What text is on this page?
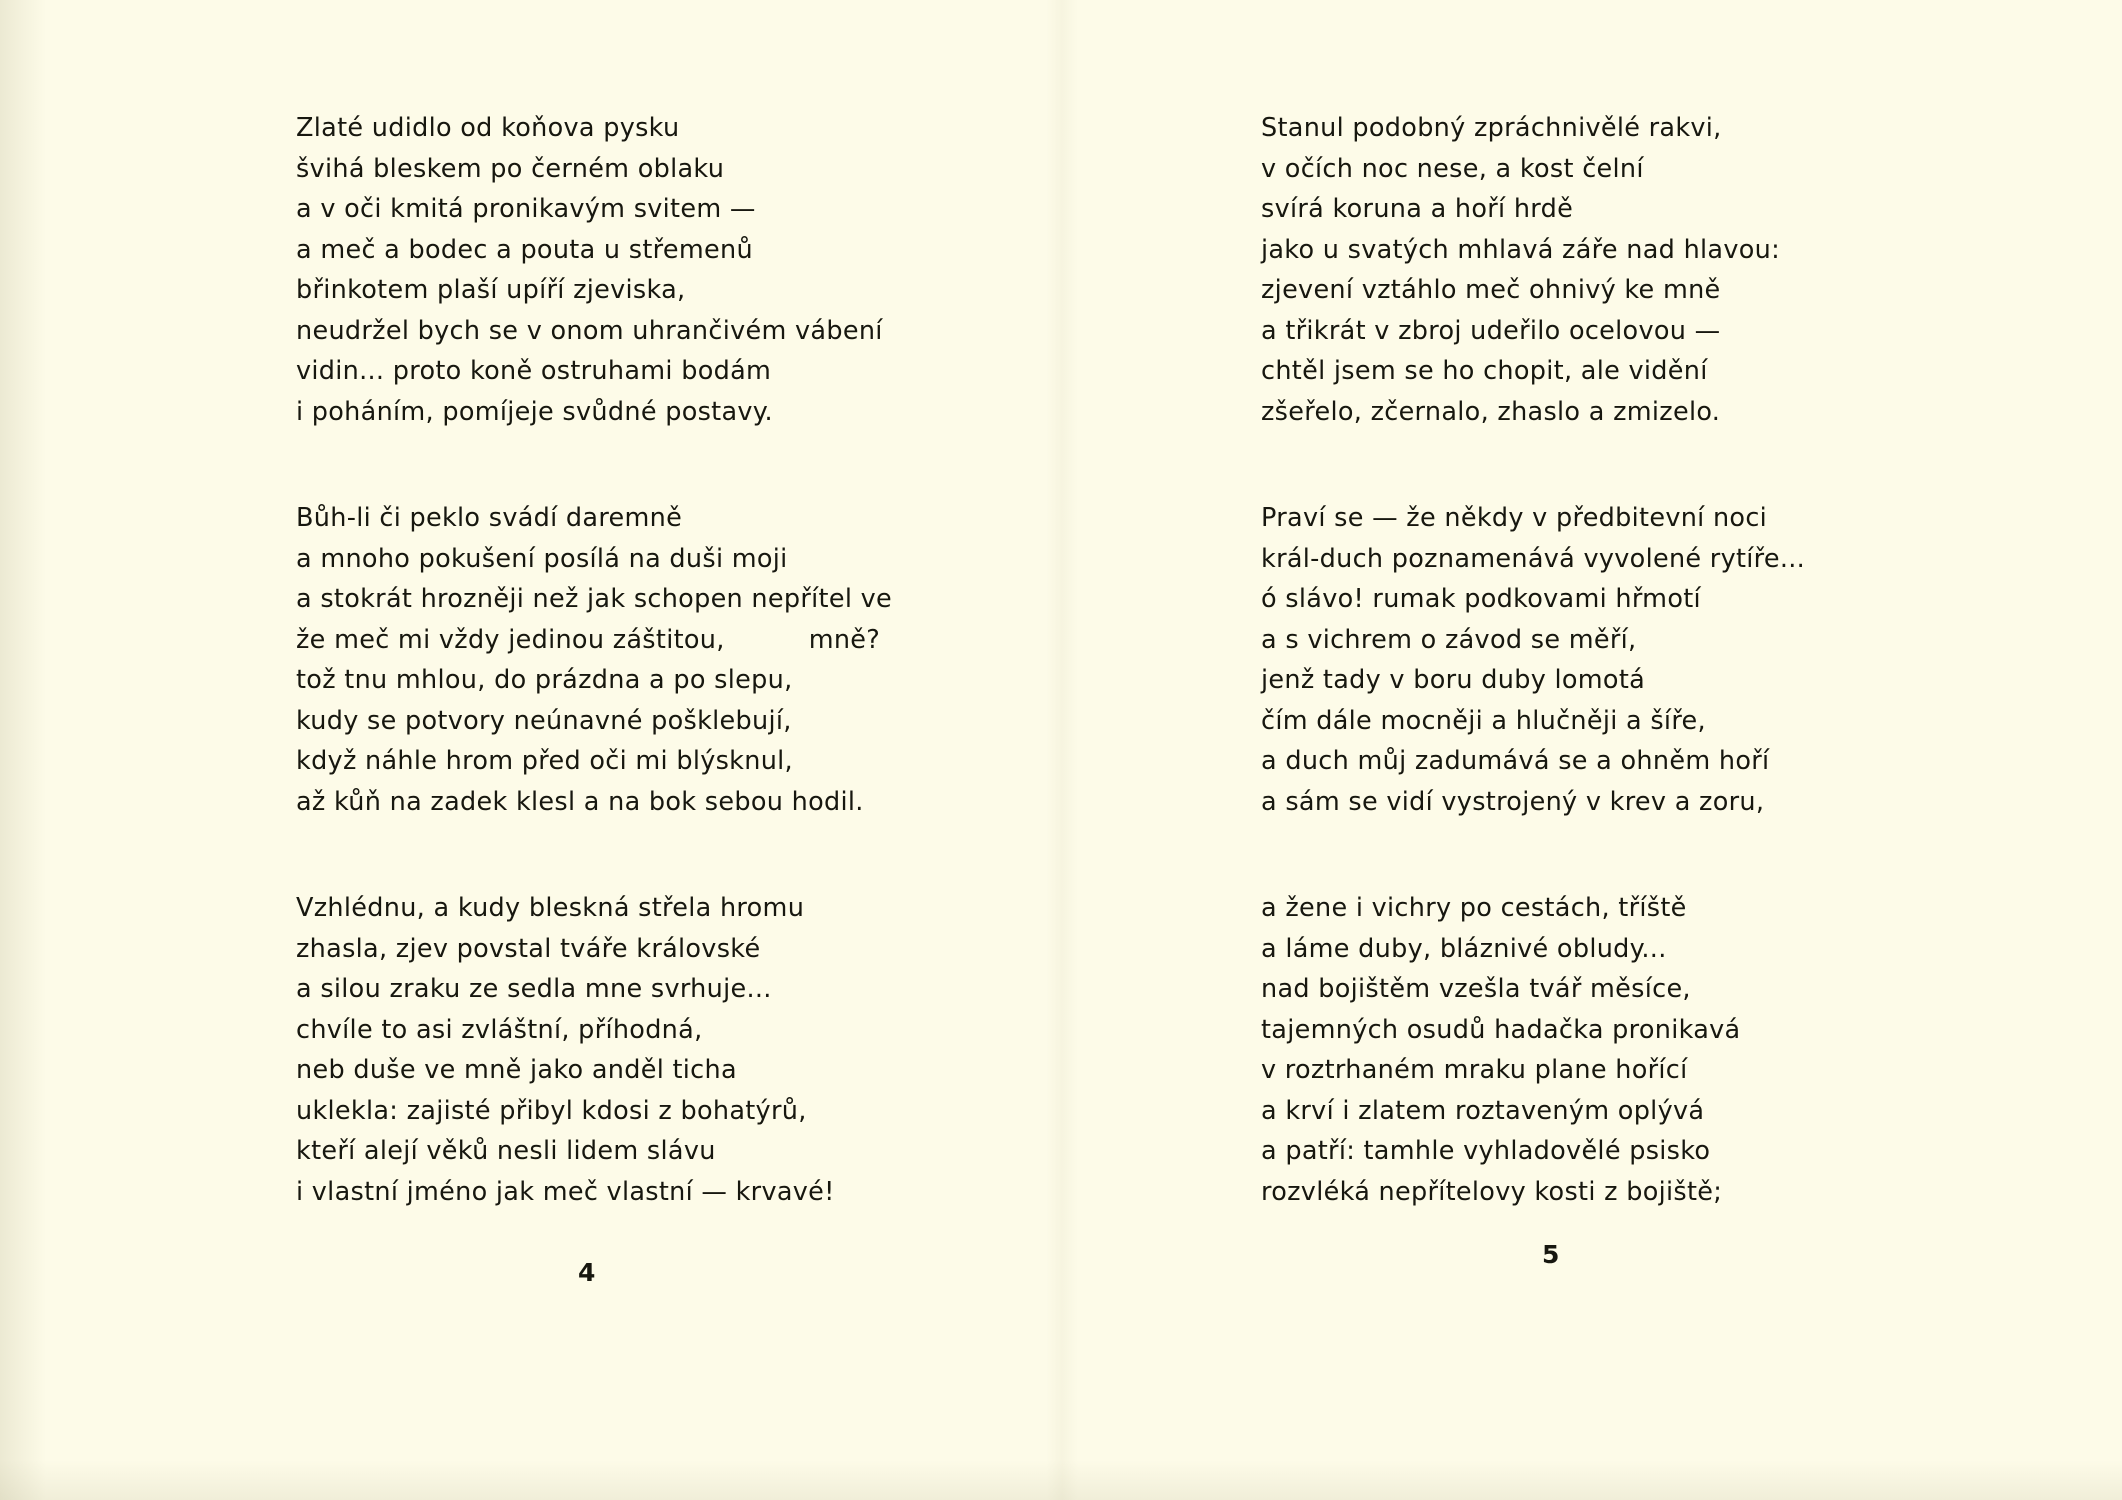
Zlaté udidlo od koňova pysku
švihá bleskem po černém oblaku
a v oči kmitá pronikavým svitem —
a meč a bodec a pouta u střemenů
břinkotem plaší upíří zjeviska,
neudržel bych se v onom uhrančivém vábení
vidin... proto koně ostruhami bodám
i poháním, pomíjeje svůdné postavy.
Bůh-li či peklo svádí daremně
a mnoho pokušení posílá na duši moji
a stokrát hrozněji než jak schopen nepřítel ve
že meč mi vždy jedinou záštitou,          mně?
tož tnu mhlou, do prázdna a po slepu,
kudy se potvory neúnavné pošklebují,
když náhle hrom před oči mi blýsknul,
až kůň na zadek klesl a na bok sebou hodil.
Vzhlédnu, a kudy bleskná střela hromu
zhasla, zjev povstal tváře královské
a silou zraku ze sedla mne svrhuje...
chvíle to asi zvláštní, příhodná,
neb duše ve mně jako anděl ticha
uklekla: zajisté přibyl kdosi z bohatýrů,
kteří alejí věků nesli lidem slávu
i vlastní jméno jak meč vlastní — krvavé!
4
Stanul podobný zpráchnivělé rakvi,
v očích noc nese, a kost čelní
svírá koruna a hoří hrdě
jako u svatých mhlavá záře nad hlavou:
zjevení vztáhlo meč ohnivý ke mně
a třikrát v zbroj udeřilo ocelovou —
chtěl jsem se ho chopit, ale vidění
zšeřelo, zčernalo, zhaslo a zmizelo.
Praví se — že někdy v předbitevní noci
král-duch poznamenává vyvolené rytíře...
ó slávo! rumak podkovami hřmotí
a s vichrem o závod se měří,
jenž tady v boru duby lomotá
čím dále mocněji a hlučněji a šíře,
a duch můj zadumává se a ohněm hoří
a sám se vidí vystrojený v krev a zoru,
a žene i vichry po cestách, tříště
a láme duby, bláznivé obludy...
nad bojištěm vzešla tvář měsíce,
tajemných osudů hadačka pronikavá
v roztrhaném mraku plane hořící
a krví i zlatem roztaveným oplývá
a patří: tamhle vyhladovělé psisko
rozvléká nepřítelovy kosti z bojiště;
5
